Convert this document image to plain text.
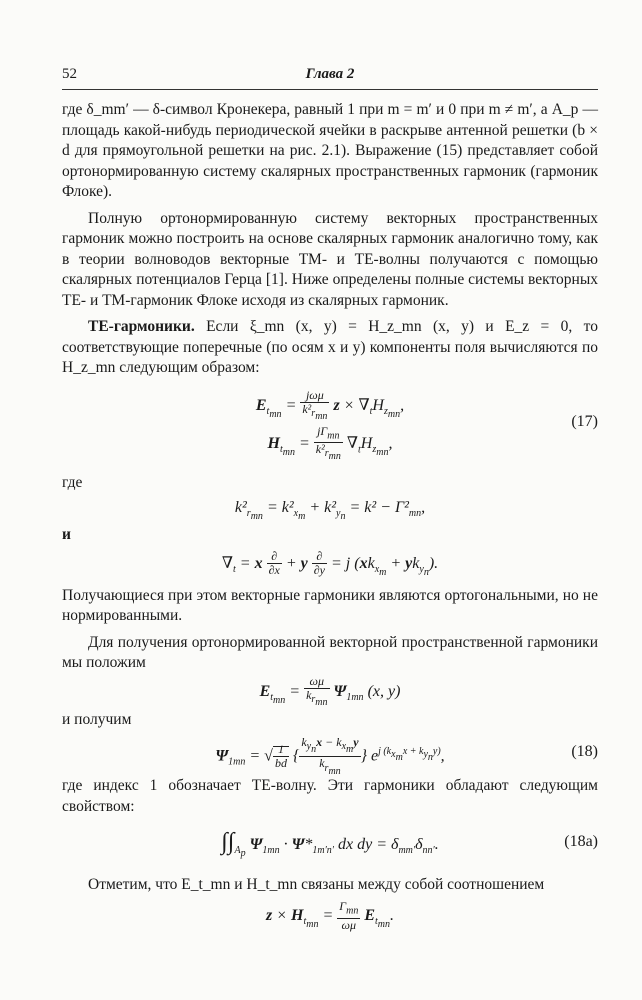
52	Глава 2

где δ_mm′ — δ-символ Кронекера, равный 1 при m = m′ и 0 при m ≠ m′, а A_p — площадь какой-нибудь периодической ячейки в раскрыве антенной решетки (b × d для прямоугольной решетки на рис. 2.1). Выражение (15) представляет собой ортонормированную систему скалярных пространственных гармоник (гармоник Флоке).

Полную ортонормированную систему векторных пространственных гармоник можно построить на основе скалярных гармоник аналогично тому, как в теории волноводов векторные ТМ- и ТЕ-волны получаются с помощью скалярных потенциалов Герца [1]. Ниже определены полные системы векторных ТЕ- и ТМ-гармоник Флоке исходя из скалярных гармоник.

ТЕ-гармоники. Если ξ_mn (x, y) = H_z_mn (x, y) и E_z = 0, то соответствующие поперечные (по осям x и y) компоненты поля вычисляются по H_z_mn следующим образом:

$E_{t_{mn}} = \frac{\text{jωμ}}{k^2_{r_{mn}}}$ $z \times \nabla_tH_{z_{mn}}$,
$H_{t_{mn}} = \frac{j\Gamma_{mn}}{k^2_{r_{mn}}} \nabla_tH_{z_{mn}}$,
(17)

где

$k^2_{r_{mn}} = k^2_{x_m} + k^2_{y_n} = k^2 - \Gamma^2_{mn}$,

и

$\nabla_t = x \frac{\partial}{\partial x} + y \frac{\partial}{\partial y} = j$ $(xk_{x_m} + yk_{y_n})$.

Получающиеся при этом векторные гармоники являются ортогональными, но не нормированными.

Для получения ортонормированной векторной пространственной гармоники мы положим

$E_{t_{mn}} = \frac{\omega\mu}{k_{r_{mn}}} \Psi_{1mn}$ (x, y)

и получим

$\Psi_{1mn}$ = √ $\frac{1}{bd}$ { $\frac{k_{y_n}x - k_{x_m}y}{k_{r_{mn}}}$ } $e^{j (k_{x_m}x + k_{y_n}y)}$,	(18)

где индекс 1 обозначает ТЕ-волну. Эти гармоники обладают следующим свойством:

$\int\int_{A_p}$ $\Psi_{1mn} \cdot \Psi*_{1m'n'}$ dx dy = $\delta_{mm'}\delta_{nn'}$.	(18a)

Отметим, что E_t_mn и H_t_mn связаны между собой соотношением

$z \times H_{t_{mn}} = \frac{\Gamma_{mn}}{\omega\mu} E_{t_{mn}}$.
